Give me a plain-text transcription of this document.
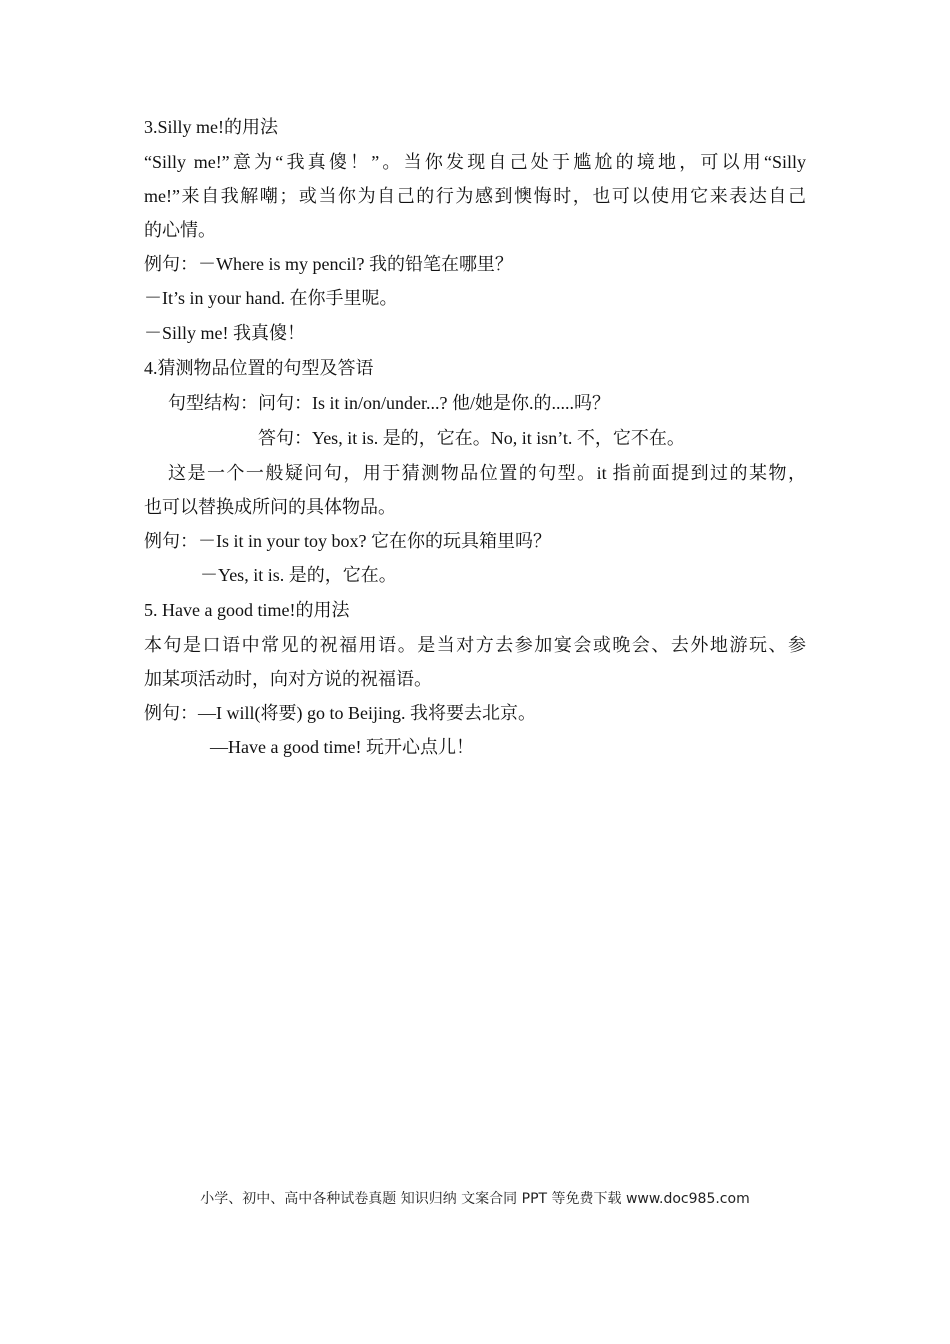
3.Silly me!的用法
“Silly me!”意为“我真傻！”。当你发现自己处于尴尬的境地，可以用“Silly
me!”来自我解嘲；或当你为自己的行为感到懊悔时，也可以使用它来表达自己
的心情。
例句：－Where is my pencil? 我的铅笔在哪里？
－It’s in your hand. 在你手里呢。
－Silly me! 我真傻！
4.猜测物品位置的句型及答语
句型结构：问句：Is it in/on/under...? 他/她是你.的.....吗？
答句：Yes, it is. 是的，它在。No, it isn’t. 不，它不在。
这是一个一般疑问句，用于猜测物品位置的句型。it 指前面提到过的某物，
也可以替换成所问的具体物品。
例句：－Is it in your toy box? 它在你的玩具箱里吗？
－Yes, it is. 是的，它在。
5. Have a good time!的用法
本句是口语中常见的祝福用语。是当对方去参加宴会或晚会、去外地游玩、参
加某项活动时，向对方说的祝福语。
例句：—I will(将要) go to Beijing. 我将要去北京。
—Have a good time! 玩开心点儿！
小学、初中、高中各种试卷真题 知识归纳 文案合同 PPT 等免费下载 www.doc985.com
